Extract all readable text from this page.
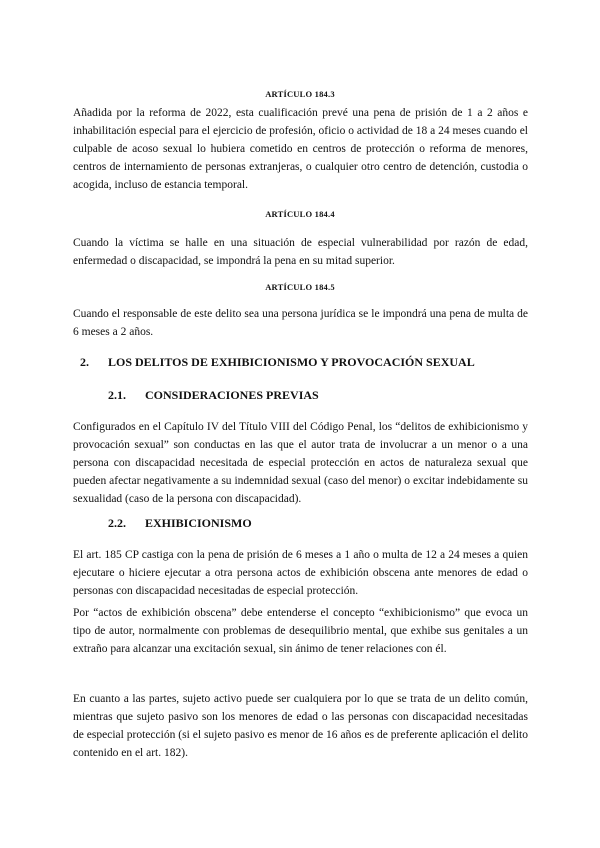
ARTÍCULO 184.3

Añadida por la reforma de 2022, esta cualificación prevé una pena de prisión de 1 a 2 años e inhabilitación especial para el ejercicio de profesión, oficio o actividad de 18 a 24 meses cuando el culpable de acoso sexual lo hubiera cometido en centros de protección o reforma de menores, centros de internamiento de personas extranjeras, o cualquier otro centro de detención, custodia o acogida, incluso de estancia temporal.

ARTÍCULO 184.4

Cuando la víctima se halle en una situación de especial vulnerabilidad por razón de edad, enfermedad o discapacidad, se impondrá la pena en su mitad superior.

ARTÍCULO 184.5

Cuando el responsable de este delito sea una persona jurídica se le impondrá una pena de multa de 6 meses a 2 años.

2. LOS DELITOS DE EXHIBICIONISMO Y PROVOCACIÓN SEXUAL
2.1. CONSIDERACIONES PREVIAS

Configurados en el Capítulo IV del Título VIII del Código Penal, los “delitos de exhibicionismo y provocación sexual” son conductas en las que el autor trata de involucrar a un menor o a una persona con discapacidad necesitada de especial protección en actos de naturaleza sexual que pueden afectar negativamente a su indemnidad sexual (caso del menor) o excitar indebidamente su sexualidad (caso de la persona con discapacidad).

2.2. EXHIBICIONISMO

El art. 185 CP castiga con la pena de prisión de 6 meses a 1 año o multa de 12 a 24 meses a quien ejecutare o hiciere ejecutar a otra persona actos de exhibición obscena ante menores de edad o personas con discapacidad necesitadas de especial protección.

Por “actos de exhibición obscena” debe entenderse el concepto “exhibicionismo” que evoca un tipo de autor, normalmente con problemas de desequilibrio mental, que exhibe sus genitales a un extraño para alcanzar una excitación sexual, sin ánimo de tener relaciones con él.

En cuanto a las partes, sujeto activo puede ser cualquiera por lo que se trata de un delito común, mientras que sujeto pasivo son los menores de edad o las personas con discapacidad necesitadas de especial protección (si el sujeto pasivo es menor de 16 años es de preferente aplicación el delito contenido en el art. 182).
